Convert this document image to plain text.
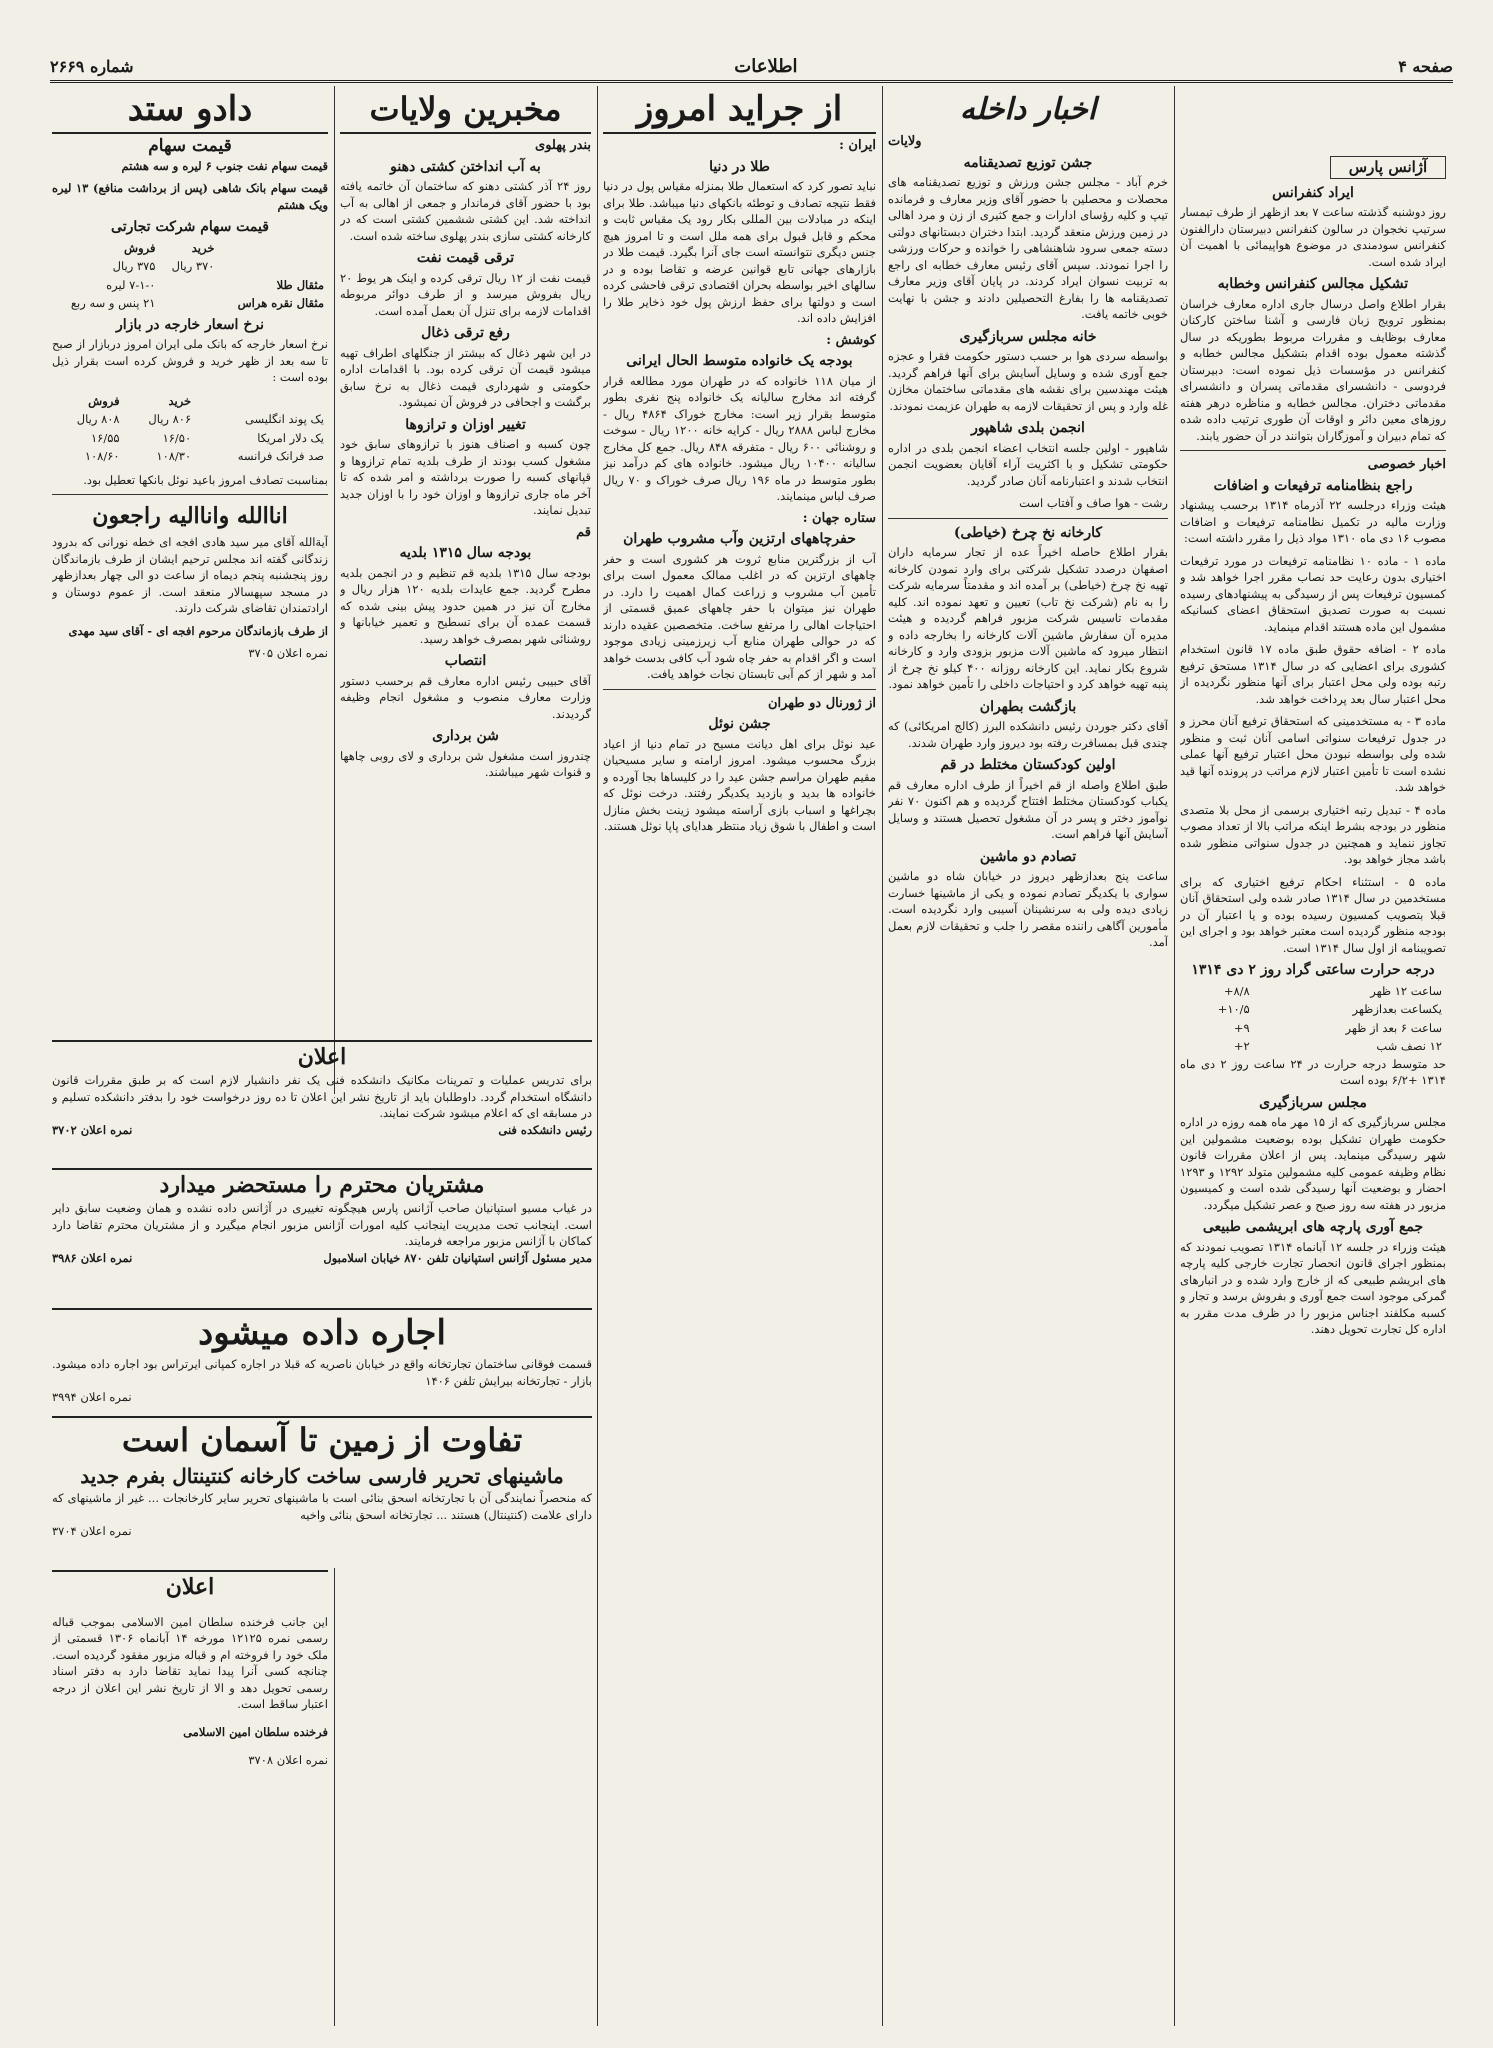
صفحه ۴
اطلاعات
شماره ۲۶۶۹
آژانس پارس
ایراد کنفرانس

روز دوشنبه گذشته ساعت ۷ بعد ازظهر از طرف تیمسار سرتیپ نخجوان در سالون کنفرانس دبیرستان دارالفنون کنفرانس سودمندی در موضوع هواپیمائی با اهمیت آن ایراد شده است.

تشکیل مجالس کنفرانس وخطابه

بقرار اطلاع واصل درسال جاری اداره معارف خراسان بمنظور ترویج زبان فارسی و آشنا ساختن کارکنان معارف بوظایف و مقررات مربوط بطوریکه در سال گذشته معمول بوده اقدام بتشکیل مجالس خطابه و کنفرانس در مؤسسات ذیل نموده است: دبیرستان فردوسی - دانشسرای مقدماتی پسران و دانشسرای مقدماتی دختران. مجالس خطابه و مناظره درهر هفته روزهای معین دائر و اوقات آن طوری ترتیب داده شده که تمام دبیران و آموزگاران بتوانند در آن حضور یابند.

اخبار خصوصی
راجع بنظامنامه ترفیعات و اضافات

هیئت وزراء درجلسه ۲۲ آذرماه ۱۳۱۴ برحسب پیشنهاد وزارت مالیه در تکمیل نظامنامه ترفیعات و اضافات مصوب ۱۶ دی ماه ۱۳۱۰ مواد ذیل را مقرر داشته است:

ماده ۱ - ماده ۱۰ نظامنامه ترفیعات در مورد ترفیعات اختیاری بدون رعایت حد نصاب مقرر اجرا خواهد شد و کمسیون ترفیعات پس از رسیدگی به پیشنهادهای رسیده نسبت به صورت تصدیق استحقاق اعضای کسانیکه مشمول این ماده هستند اقدام مینماید.

ماده ۲ - اضافه حقوق طبق ماده ۱۷ قانون استخدام کشوری برای اعضایی که در سال ۱۳۱۴ مستحق ترفیع رتبه بوده ولی محل اعتبار برای آنها منظور نگردیده از محل اعتبار سال بعد پرداخت خواهد شد.

ماده ۳ - به مستخدمینی که استحقاق ترفیع آنان محرز و در جدول ترفیعات سنواتی اسامی آنان ثبت و منظور شده ولی بواسطه نبودن محل اعتبار ترفیع آنها عملی نشده است تا تأمین اعتبار لازم مراتب در پرونده آنها قید خواهد شد.

ماده ۴ - تبدیل رتبه اختیاری برسمی از محل بلا متصدی منظور در بودجه بشرط اینکه مراتب بالا از تعداد مصوب تجاوز ننماید و همچنین در جدول سنواتی منظور شده باشد مجاز خواهد بود.

ماده ۵ - استثناء احکام ترفیع اختیاری که برای مستخدمین در سال ۱۳۱۴ صادر شده ولی استحقاق آنان قبلا بتصویب کمسیون رسیده بوده و یا اعتبار آن در بودجه منظور گردیده است معتبر خواهد بود و اجرای این تصویبنامه از اول سال ۱۳۱۴ است.

درجه حرارت ساعتی گراد روز ۲ دی ۱۳۱۴
ساعت ۱۲ ظهر	۸/۸+
یکساعت بعدازظهر	۱۰/۵+
ساعت ۶ بعد از ظهر	۹+
۱۲ نصف شب	۲+

حد متوسط درجه حرارت در ۲۴ ساعت روز ۲ دی ماه ۱۳۱۴ +۶/۲ بوده است

مجلس سربازگیری

مجلس سربازگیری که از ۱۵ مهر ماه همه روزه در اداره حکومت طهران تشکیل بوده بوضعیت مشمولین این شهر رسیدگی مینماید. پس از اعلان مقررات قانون نظام وظیفه عمومی کلیه مشمولین متولد ۱۲۹۲ و ۱۲۹۳ احضار و بوضعیت آنها رسیدگی شده است و کمیسیون مزبور در هفته سه روز صبح و عصر تشکیل میگردد.

جمع آوری پارچه های ابریشمی طبیعی

هیئت وزراء در جلسه ۱۲ آبانماه ۱۳۱۴ تصویب نمودند که بمنظور اجرای قانون انحصار تجارت خارجی کلیه پارچه های ابریشم طبیعی که از خارج وارد شده و در انبارهای گمرکی موجود است جمع آوری و بفروش برسد و تجار و کسبه مکلفند اجناس مزبور را در ظرف مدت مقرر به اداره کل تجارت تحویل دهند.

اخبار داخله
ولایات
جشن توزیع تصدیقنامه

خرم آباد - مجلس جشن ورزش و توزیع تصدیقنامه های محصلات و محصلین با حضور آقای وزیر معارف و فرمانده تیپ و کلیه رؤسای ادارات و جمع کثیری از زن و مرد اهالی در زمین ورزش منعقد گردید. ابتدا دختران دبستانهای دولتی دسته جمعی سرود شاهنشاهی را خوانده و حرکات ورزشی را اجرا نمودند. سپس آقای رئیس معارف خطابه ای راجع به تربیت نسوان ایراد کردند. در پایان آقای وزیر معارف تصدیقنامه ها را بفارغ التحصیلین دادند و جشن با نهایت خوبی خاتمه یافت.

خانه مجلس سربازگیری

بواسطه سردی هوا بر حسب دستور حکومت فقرا و عجزه جمع آوری شده و وسایل آسایش برای آنها فراهم گردید. هیئت مهندسین برای نقشه های مقدماتی ساختمان مخازن غله وارد و پس از تحقیقات لازمه به طهران عزیمت نمودند.

انجمن بلدی شاهپور

شاهپور - اولین جلسه انتخاب اعضاء انجمن بلدی در اداره حکومتی تشکیل و با اکثریت آراء آقایان بعضویت انجمن انتخاب شدند و اعتبارنامه آنان صادر گردید.

رشت - هوا صاف و آفتاب است

کارخانه نخ چرخ (خیاطی)

بقرار اطلاع حاصله اخیراً عده از تجار سرمایه داران اصفهان درصدد تشکیل شرکتی برای وارد نمودن کارخانه تهیه نخ چرخ (خیاطی) بر آمده اند و مقدمتاً سرمایه شرکت را به نام (شرکت نخ تاب) تعیین و تعهد نموده اند. کلیه مقدمات تاسیس شرکت مزبور فراهم گردیده و هیئت مدیره آن سفارش ماشین آلات کارخانه را بخارجه داده و انتظار میرود که ماشین آلات مزبور بزودی وارد و کارخانه شروع بکار نماید. این کارخانه روزانه ۴۰۰ کیلو نخ چرخ از پنبه تهیه خواهد کرد و احتیاجات داخلی را تأمین خواهد نمود.

بازگشت بطهران

آقای دکتر جوردن رئیس دانشکده البرز (کالج امریکائی) که چندی قبل بمسافرت رفته بود دیروز وارد طهران شدند.

اولین کودکستان مختلط در قم

طبق اطلاع واصله از قم اخیراً از طرف اداره معارف قم یکباب کودکستان مختلط افتتاح گردیده و هم اکنون ۷۰ نفر نوآموز دختر و پسر در آن مشغول تحصیل هستند و وسایل آسایش آنها فراهم است.

تصادم دو ماشین

ساعت پنج بعدازظهر دیروز در خیابان شاه دو ماشین سواری با یکدیگر تصادم نموده و یکی از ماشینها خسارت زیادی دیده ولی به سرنشینان آسیبی وارد نگردیده است. مأمورین آگاهی راننده مقصر را جلب و تحقیقات لازم بعمل آمد.

از جراید امروز
ایران :
طلا در دنیا

نباید تصور کرد که استعمال طلا بمنزله مقیاس پول در دنیا فقط نتیجه تصادف و توطئه بانکهای دنیا میباشد. طلا برای اینکه در مبادلات بین المللی بکار رود یک مقیاس ثابت و محکم و قابل قبول برای همه ملل است و تا امروز هیچ جنس دیگری نتوانسته است جای آنرا بگیرد. قیمت طلا در بازارهای جهانی تابع قوانین عرضه و تقاضا بوده و در سالهای اخیر بواسطه بحران اقتصادی ترقی فاحشی کرده است و دولتها برای حفظ ارزش پول خود ذخایر طلا را افزایش داده اند.

کوشش :
بودجه یک خانواده متوسط الحال ایرانی

از میان ۱۱۸ خانواده که در طهران مورد مطالعه قرار گرفته اند مخارج سالیانه یک خانواده پنج نفری بطور متوسط بقرار زیر است: مخارج خوراک ۴۸۶۴ ریال - مخارج لباس ۲۸۸۸ ریال - کرایه خانه ۱۲۰۰ ریال - سوخت و روشنائی ۶۰۰ ریال - متفرقه ۸۴۸ ریال. جمع کل مخارج سالیانه ۱۰۴۰۰ ریال میشود. خانواده های کم درآمد نیز بطور متوسط در ماه ۱۹۶ ریال صرف خوراک و ۷۰ ریال صرف لباس مینمایند.

ستاره جهان :
حفرچاههای ارتزین وآب مشروب طهران

آب از بزرگترین منابع ثروت هر کشوری است و حفر چاههای ارتزین که در اغلب ممالک معمول است برای تأمین آب مشروب و زراعت کمال اهمیت را دارد. در طهران نیز میتوان با حفر چاههای عمیق قسمتی از احتیاجات اهالی را مرتفع ساخت. متخصصین عقیده دارند که در حوالی طهران منابع آب زیرزمینی زیادی موجود است و اگر اقدام به حفر چاه شود آب کافی بدست خواهد آمد و شهر از کم آبی تابستان نجات خواهد یافت.

از ژورنال دو طهران
جشن نوئل

عید نوئل برای اهل دیانت مسیح در تمام دنیا از اعیاد بزرگ محسوب میشود. امروز ارامنه و سایر مسیحیان مقیم طهران مراسم جشن عید را در کلیساها بجا آورده و خانواده ها بدید و بازدید یکدیگر رفتند. درخت نوئل که بچراغها و اسباب بازی آراسته میشود زینت بخش منازل است و اطفال با شوق زیاد منتظر هدایای پاپا نوئل هستند.

مخبرین ولایات
بندر پهلوی
به آب انداختن کشتی دهنو

روز ۲۴ آذر کشتی دهنو که ساختمان آن خاتمه یافته بود با حضور آقای فرماندار و جمعی از اهالی به آب انداخته شد. این کشتی ششمین کشتی است که در کارخانه کشتی سازی بندر پهلوی ساخته شده است.

ترقی قیمت نفت

قیمت نفت از ۱۲ ریال ترقی کرده و اینک هر یوط ۲۰ ریال بفروش میرسد و از طرف دوائر مربوطه اقدامات لازمه برای تنزل آن بعمل آمده است.

رفع ترقی ذغال

در این شهر ذغال که بیشتر از جنگلهای اطراف تهیه میشود قیمت آن ترقی کرده بود. با اقدامات اداره حکومتی و شهرداری قیمت ذغال به نرخ سابق برگشت و اجحافی در فروش آن نمیشود.

تغییر اوزان و ترازوها

چون کسبه و اصناف هنوز با ترازوهای سابق خود مشغول کسب بودند از طرف بلدیه تمام ترازوها و قپانهای کسبه را صورت برداشته و امر شده که تا آخر ماه جاری ترازوها و اوزان خود را با اوزان جدید تبدیل نمایند.

قم
بودجه سال ۱۳۱۵ بلدیه

بودجه سال ۱۳۱۵ بلدیه قم تنظیم و در انجمن بلدیه مطرح گردید. جمع عایدات بلدیه ۱۲۰ هزار ریال و مخارج آن نیز در همین حدود پیش بینی شده که قسمت عمده آن برای تسطیح و تعمیر خیابانها و روشنائی شهر بمصرف خواهد رسید.

انتصاب

آقای حبیبی رئیس اداره معارف قم برحسب دستور وزارت معارف منصوب و مشغول انجام وظیفه گردیدند.

شن برداری

چندروز است مشغول شن برداری و لای روبی چاهها و قنوات شهر میباشند.

دادو ستد
قیمت سهام

قیمت سهام نفت جنوب ۶ لیره و سه هشتم

قیمت سهام بانک شاهی (پس از برداشت منافع) ۱۳ لیره ویک هشتم

قیمت سهام شرکت تجارتی
	خرید	فروش
	۳۷۰ ریال	۳۷۵ ریال
مثقال طلا		۷-۱-۰ لیره
مثقال نقره هراس		۲۱ پنس و سه ربع
نرخ اسعار خارجه در بازار

نرخ اسعار خارجه که بانک ملی ایران امروز دربازار از صبح تا سه بعد از ظهر خرید و فروش کرده است بقرار ذیل بوده است :

	خرید	فروش
یک پوند انگلیسی	۸۰۶ ریال	۸۰۸ ریال
یک دلار امریکا	۱۶/۵۰	۱۶/۵۵
صد فرانک فرانسه	۱۰۸/۳۰	۱۰۸/۶۰

بمناسبت تصادف امروز باعید نوئل بانکها تعطیل بود.

اناالله وانااليه راجعون

آیةالله آقای میر سید هادی افجه ای خطه نورانی که بدرود زندگانی گفته اند مجلس ترحیم ایشان از طرف بازماندگان روز پنجشنبه پنجم دیماه از ساعت دو الی چهار بعدازظهر در مسجد سپهسالار منعقد است. از عموم دوستان و ارادتمندان تقاضای شرکت دارند.

از طرف بازماندگان مرحوم افجه ای - آقای سید مهدی

نمره اعلان ۳۷۰۵

اعلان

برای تدریس عملیات و تمرینات مکانیک دانشکده فنی یک نفر دانشیار لازم است که بر طبق مقررات قانون دانشگاه استخدام گردد. داوطلبان باید از تاریخ نشر این اعلان تا ده روز درخواست خود را بدفتر دانشکده تسلیم و در مسابقه ای که اعلام میشود شرکت نمایند.

رئیس دانشکده فنی
نمره اعلان ۳۷۰۲
مشتریان محترم را مستحضر میدارد

در غیاب مسیو استپانیان صاحب آژانس پارس هیچگونه تغییری در آژانس داده نشده و همان وضعیت سابق دایر است. اینجانب تحت مدیریت اینجانب کلیه امورات آژانس مزبور انجام میگیرد و از مشتریان محترم تقاضا دارد کماکان با آژانس مزبور مراجعه فرمایند.

مدیر مسئول آژانس استپانیان تلفن ۸۷۰ خیابان اسلامبول
نمره اعلان ۳۹۸۶
اجاره داده میشود

قسمت فوقانی ساختمان تجارتخانه واقع در خیابان ناصریه که قبلا در اجاره کمپانی ایرتراس بود اجاره داده میشود. بازار - تجارتخانه بیرایش تلفن ۱۴۰۶

نمره اعلان ۳۹۹۴
تفاوت از زمین تا آسمان است
ماشینهای تحریر فارسی ساخت کارخانه کنتینتال بفرم جدید

که منحصراً نمایندگی آن با تجارتخانه اسحق بنائی است با ماشینهای تحریر سایر کارخانجات ... غیر از ماشینهای که دارای علامت (کنتینتال) هستند ... تجارتخانه اسحق بنائی واخیه

نمره اعلان ۳۷۰۴
اعلان

این جانب فرخنده سلطان امین الاسلامی بموجب قباله رسمی نمره ۱۲۱۲۵ مورخه ۱۴ آبانماه ۱۳۰۶ قسمتی از ملک خود را فروخته ام و قباله مزبور مفقود گردیده است. چنانچه کسی آنرا پیدا نماید تقاضا دارد به دفتر اسناد رسمی تحویل دهد و الا از تاریخ نشر این اعلان از درجه اعتبار ساقط است.

فرخنده سلطان امین الاسلامی

نمره اعلان ۳۷۰۸
